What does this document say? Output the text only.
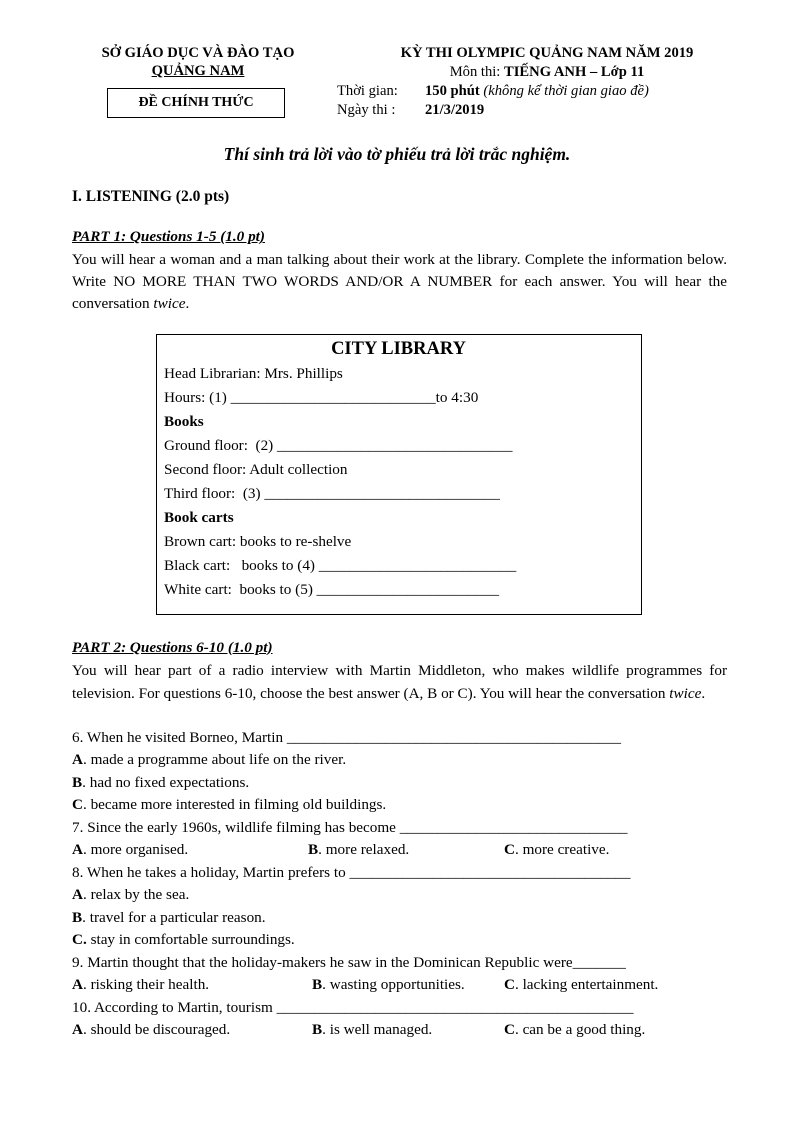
SỞ GIÁO DỤC VÀ ĐÀO TẠO
QUẢNG NAM
ĐỀ CHÍNH THỨC
KỲ THI OLYMPIC QUẢNG NAM NĂM 2019
Môn thi: TIẾNG ANH – Lớp 11
Thời gian:	150 phút (không kể thời gian giao đề)
Ngày thi :	21/3/2019
Thí sinh trả lời vào tờ phiếu trả lời trắc nghiệm.

I. LISTENING (2.0 pts)

PART 1: Questions 1-5 (1.0 pt)

You will hear a woman and a man talking about their work at the library. Complete the information below. Write NO MORE THAN TWO WORDS AND/OR A NUMBER for each answer. You will hear the conversation twice.

CITY LIBRARY
Head Librarian: Mrs. Phillips
Hours: (1) ___________________________to 4:30
Books
Ground floor:  (2) _______________________________
Second floor: Adult collection
Third floor:  (3) _______________________________
Book carts
Brown cart: books to re-shelve
Black cart:   books to (4) __________________________
White cart:  books to (5) ________________________
PART 2: Questions 6-10 (1.0 pt)

You will hear part of a radio interview with Martin Middleton, who makes wildlife programmes for television. For questions 6-10, choose the best answer (A, B or C). You will hear the conversation twice.

6. When he visited Borneo, Martin ____________________________________________
A. made a programme about life on the river.
B. had no fixed expectations.
C. became more interested in filming old buildings.
7. Since the early 1960s, wildlife filming has become ______________________________
A. more organised.	B. more relaxed.	C. more creative.
8. When he takes a holiday, Martin prefers to _____________________________________
A. relax by the sea.
B. travel for a particular reason.
C. stay in comfortable surroundings.
9. Martin thought that the holiday-makers he saw in the Dominican Republic were_______
A. risking their health.	B. wasting opportunities.	C. lacking entertainment.
10. According to Martin, tourism _______________________________________________
A. should be discouraged.	B. is well managed.	C. can be a good thing.
